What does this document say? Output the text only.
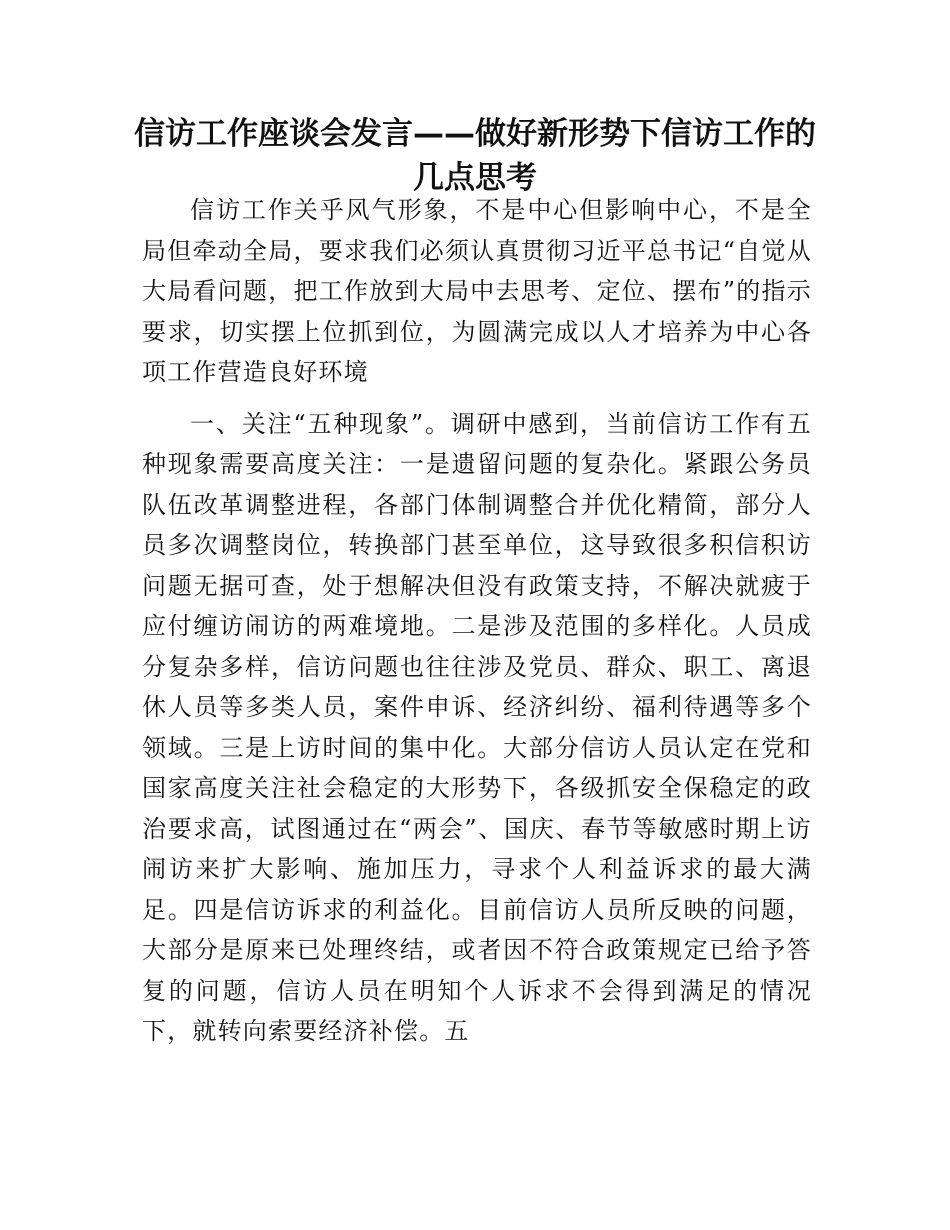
信访工作座谈会发言——做好新形势下信访工作的几点思考

信访工作关乎风气形象，不是中心但影响中心，不是全局但牵动全局，要求我们必须认真贯彻习近平总书记“自觉从大局看问题，把工作放到大局中去思考、定位、摆布”的指示要求，切实摆上位抓到位，为圆满完成以人才培养为中心各项工作营造良好环境

一、关注“五种现象”。调研中感到，当前信访工作有五种现象需要高度关注：一是遗留问题的复杂化。紧跟公务员队伍改革调整进程，各部门体制调整合并优化精简，部分人员多次调整岗位，转换部门甚至单位，这导致很多积信积访问题无据可查，处于想解决但没有政策支持，不解决就疲于应付缠访闹访的两难境地。二是涉及范围的多样化。人员成分复杂多样，信访问题也往往涉及党员、群众、职工、离退休人员等多类人员，案件申诉、经济纠纷、福利待遇等多个领域。三是上访时间的集中化。大部分信访人员认定在党和国家高度关注社会稳定的大形势下，各级抓安全保稳定的政治要求高，试图通过在“两会”、国庆、春节等敏感时期上访闹访来扩大影响、施加压力，寻求个人利益诉求的最大满足。四是信访诉求的利益化。目前信访人员所反映的问题，大部分是原来已处理终结，或者因不符合政策规定已给予答复的问题，信访人员在明知个人诉求不会得到满足的情况下，就转向索要经济补偿。五
